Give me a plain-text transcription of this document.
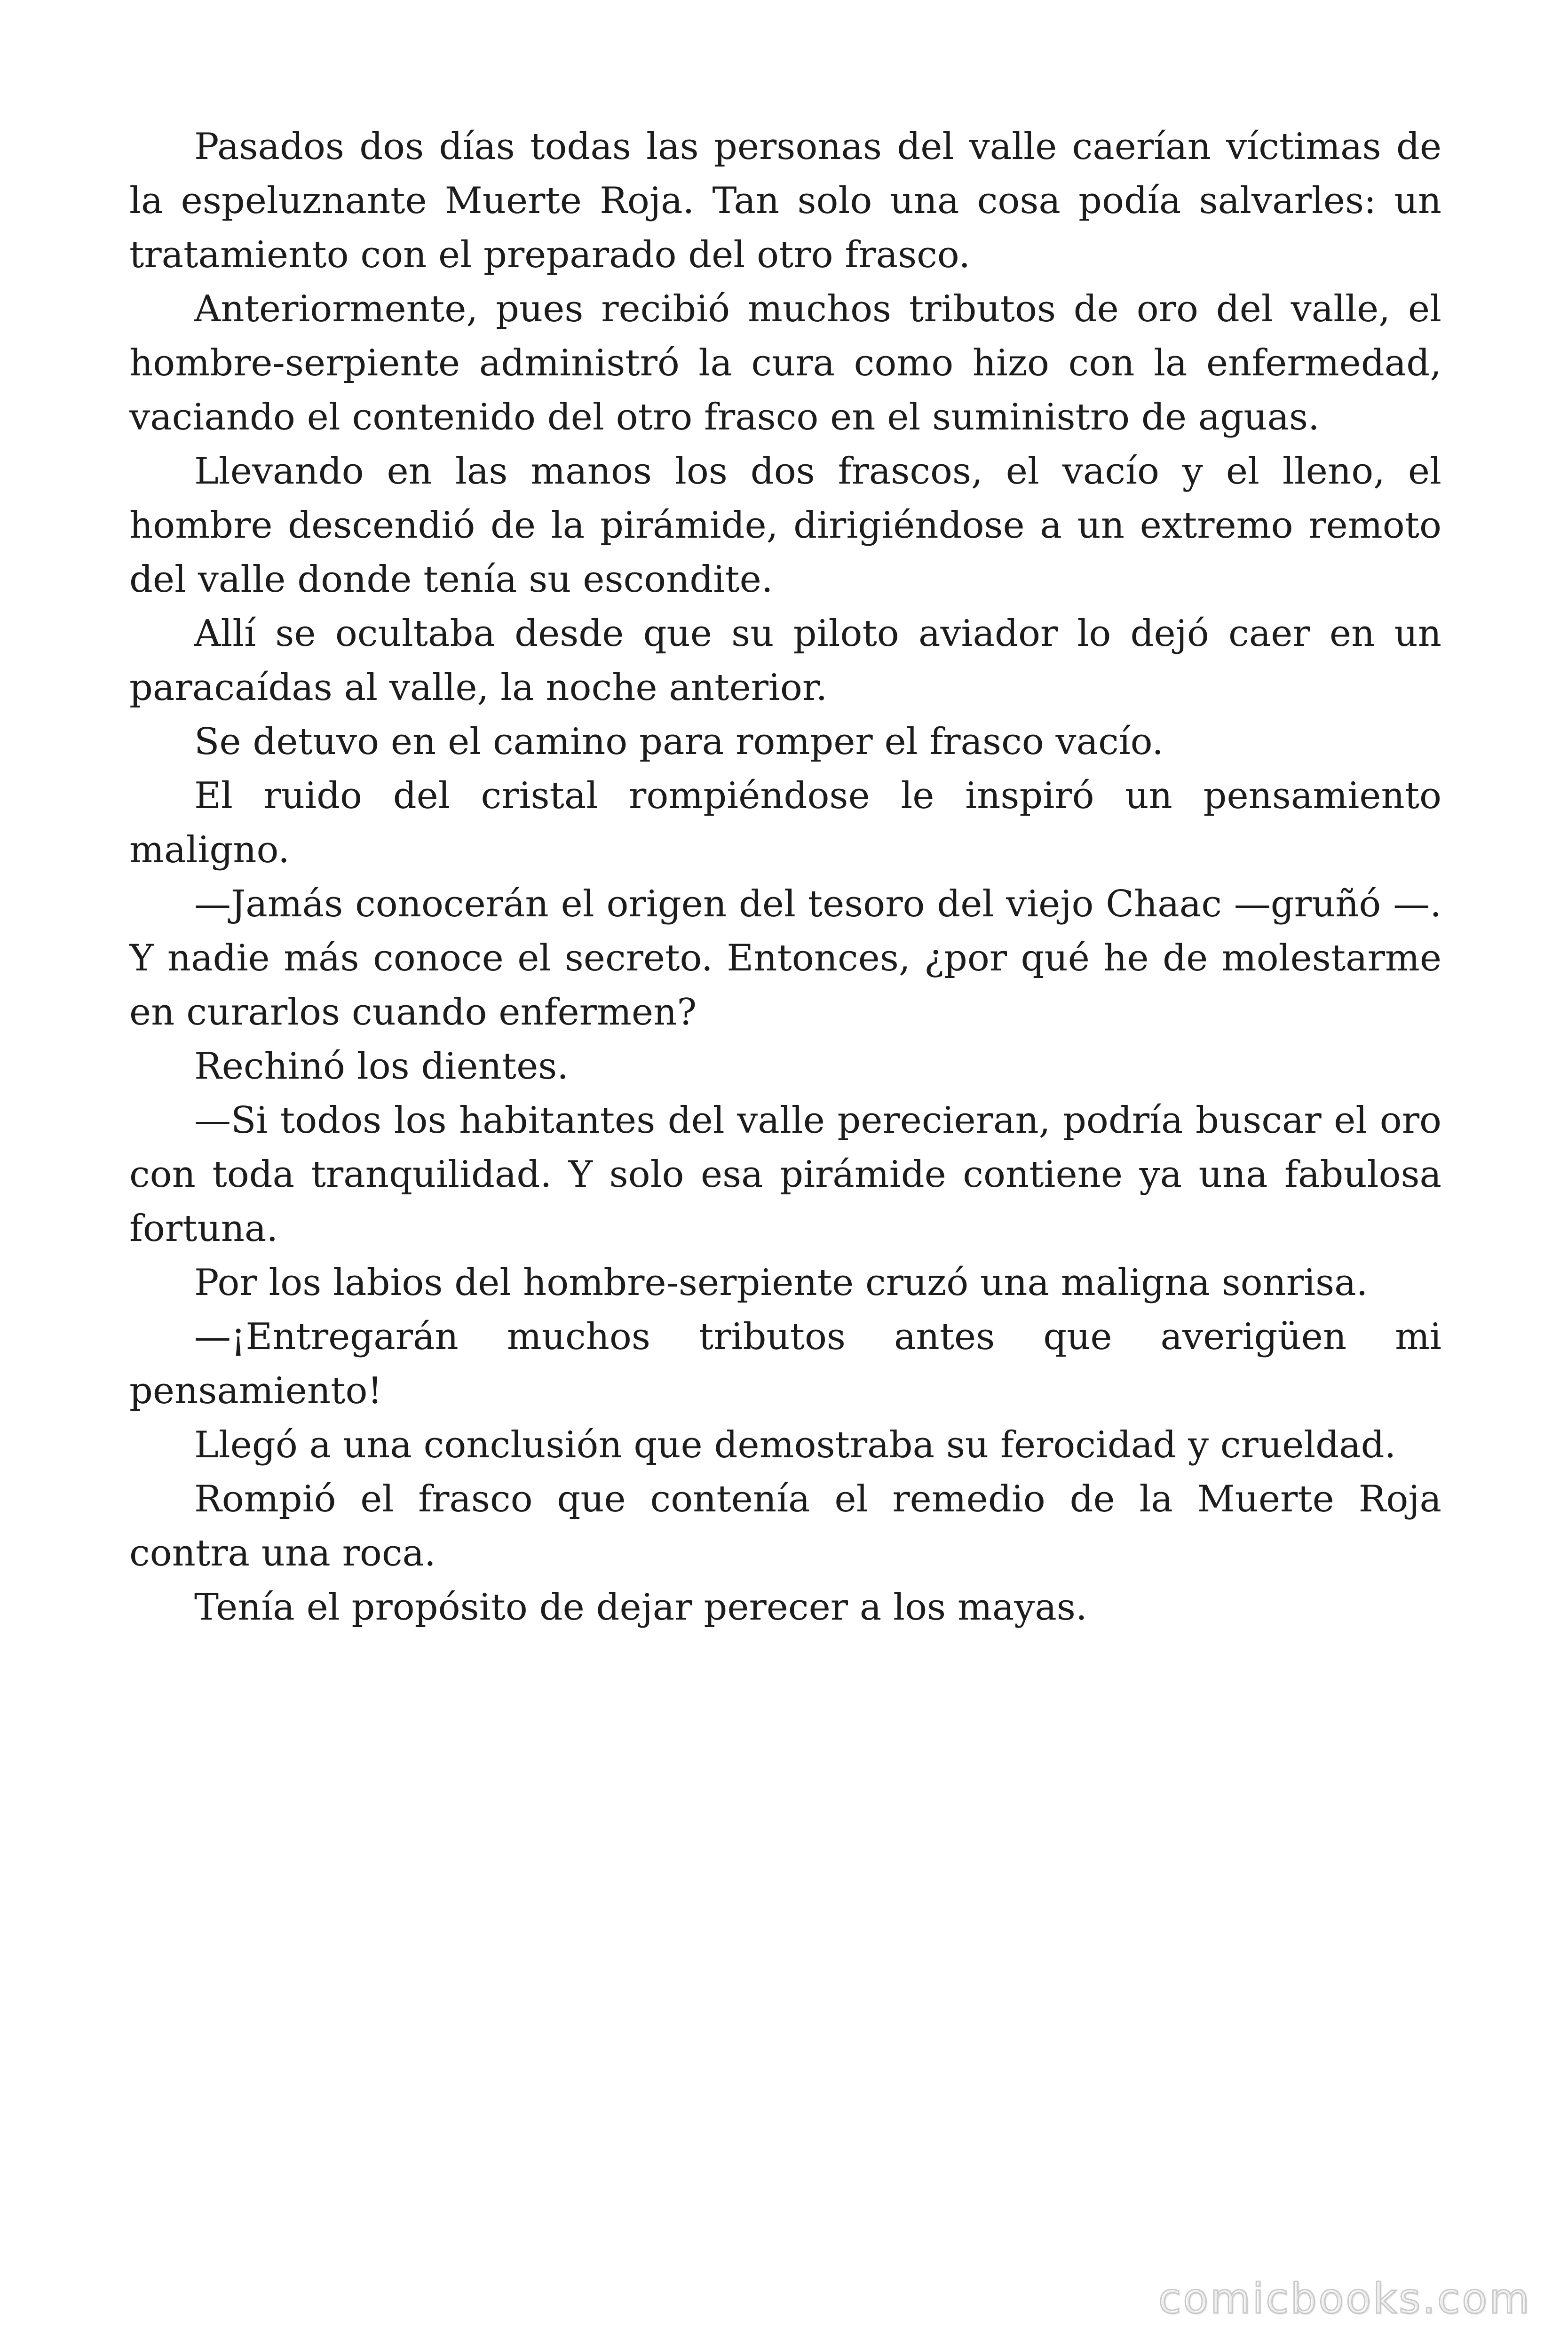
Pasados dos días todas las personas del valle caerían víctimas de la espeluznante Muerte Roja. Tan solo una cosa podía salvarles: un tratamiento con el preparado del otro frasco.

Anteriormente, pues recibió muchos tributos de oro del valle, el hombre-serpiente administró la cura como hizo con la enfermedad, vaciando el contenido del otro frasco en el suministro de aguas.

Llevando en las manos los dos frascos, el vacío y el lleno, el hombre descendió de la pirámide, dirigiéndose a un extremo remoto del valle donde tenía su escondite.

Allí se ocultaba desde que su piloto aviador lo dejó caer en un paracaídas al valle, la noche anterior.

Se detuvo en el camino para romper el frasco vacío.

El ruido del cristal rompiéndose le inspiró un pensamiento maligno.

—Jamás conocerán el origen del tesoro del viejo Chaac —gruñó —. Y nadie más conoce el secreto. Entonces, ¿por qué he de molestarme en curarlos cuando enfermen?

Rechinó los dientes.

—Si todos los habitantes del valle perecieran, podría buscar el oro con toda tranquilidad. Y solo esa pirámide contiene ya una fabulosa fortuna.

Por los labios del hombre-serpiente cruzó una maligna sonrisa.

—¡Entregarán muchos tributos antes que averigüen mi pensamiento!

Llegó a una conclusión que demostraba su ferocidad y crueldad.

Rompió el frasco que contenía el remedio de la Muerte Roja contra una roca.

Tenía el propósito de dejar perecer a los mayas.

comicbooks.com
